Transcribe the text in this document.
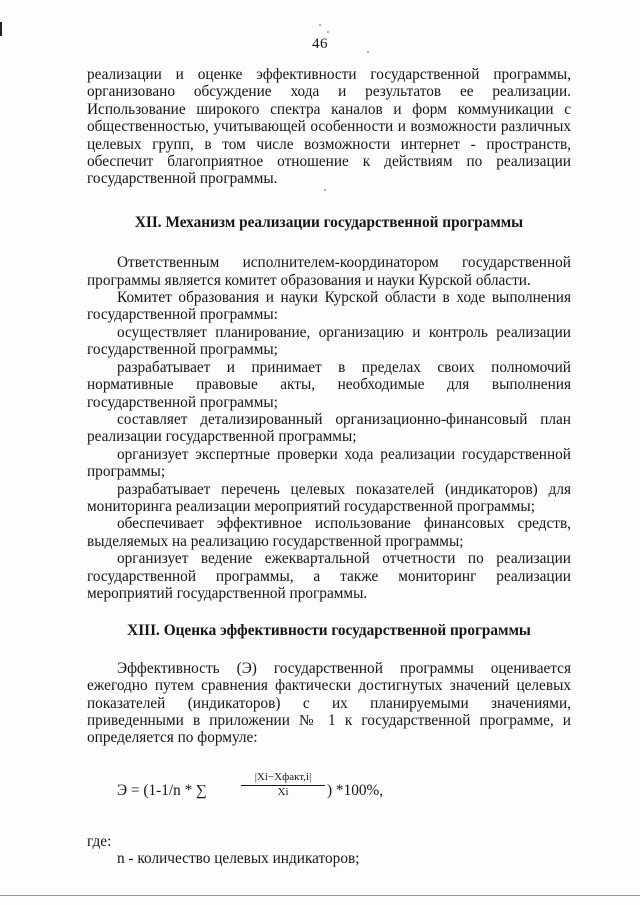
46

реализации и оценке эффективности государственной программы, организовано обсуждение хода и результатов ее реализации. Использование широкого спектра каналов и форм коммуникации с общественностью, учитывающей особенности и возможности различных целевых групп, в том числе возможности интернет - пространств, обеспечит благоприятное отношение к действиям по реализации государственной программы.

XII. Механизм реализации государственной программы

Ответственным исполнителем-координатором государственной программы является комитет образования и науки Курской области.

Комитет образования и науки Курской области в ходе выполнения государственной программы:

осуществляет планирование, организацию и контроль реализации государственной программы;

разрабатывает и принимает в пределах своих полномочий нормативные правовые акты, необходимые для выполнения государственной программы;

составляет детализированный организационно-финансовый план реализации государственной программы;

организует экспертные проверки хода реализации государственной программы;

разрабатывает перечень целевых показателей (индикаторов) для мониторинга реализации мероприятий государственной программы;

обеспечивает эффективное использование финансовых средств, выделяемых на реализацию государственной программы;

организует ведение ежеквартальной отчетности по реализации государственной программы, а также мониторинг реализации мероприятий государственной программы.

XIII. Оценка эффективности государственной программы

Эффективность (Э) государственной программы оценивается ежегодно путем сравнения фактически достигнутых значений целевых показателей (индикаторов) с их планируемыми значениями, приведенными в приложении № 1 к государственной программе, и определяется по формуле:

Э = (1-1/n * ∑
|Xi−Xфакт,i|
Xi	) *100%,

где:

n - количество целевых индикаторов;
